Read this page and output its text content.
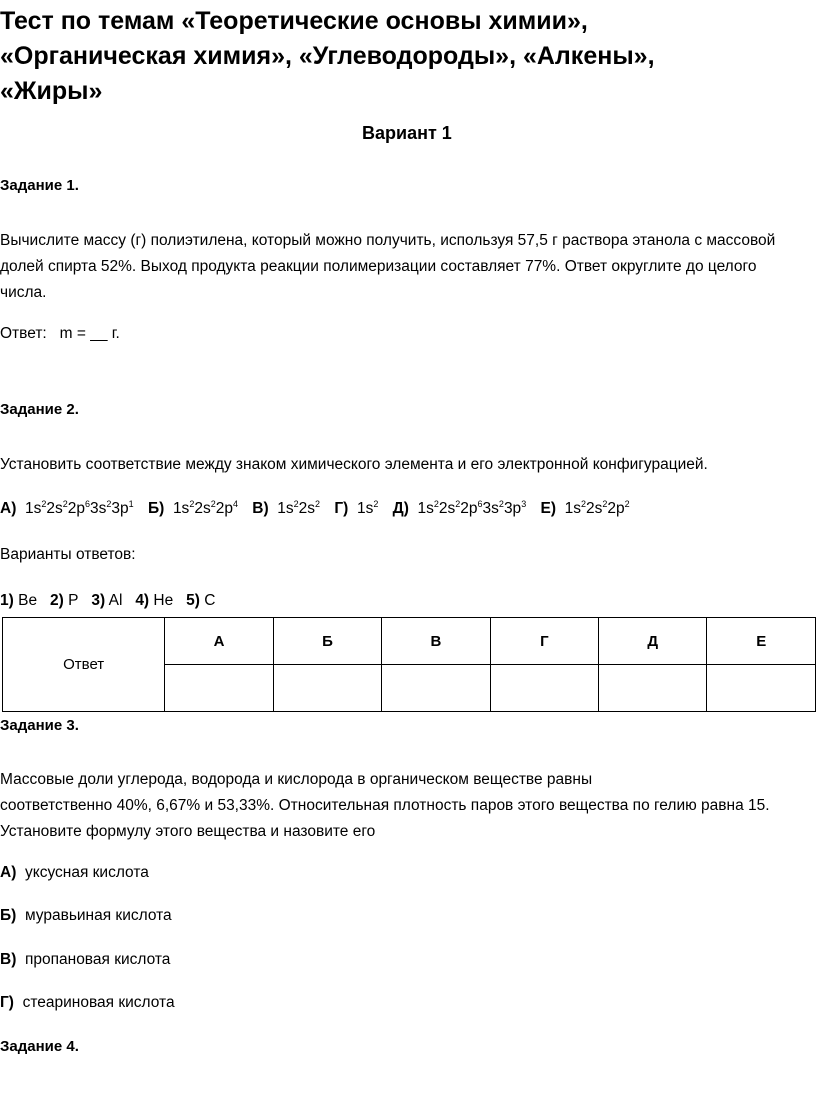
Тест по темам «Теоретические основы химии»,
«Органическая химия», «Углеводороды», «Алкены»,
«Жиры»
Вариант 1
Задание 1.
Вычислите массу (г) полиэтилена, который можно получить, используя 57,5 г раствора этанола с массовой
долей спирта 52%. Выход продукта реакции полимеризации составляет 77%. Ответ округлите до целого
числа.
Ответ:   m = __ г.
Задание 2.
Установить соответствие между знаком химического элемента и его электронной конфигурацией.
А) $1s^22s^22p^63s^23p^1$ Б) $1s^22s^22p^4$ В) $1s^22s^2$ Г) $1s^2$ Д) $1s^22s^22p^63s^23p^3$ Е) $1s^22s^22p^2$
Варианты ответов:
1) Be 2) P 3) Al 4) He 5) C
Ответ	А	Б	В	Г	Д	Е

Задание 3.
Массовые доли углерода, водорода и кислорода в органическом веществе равны
соответственно 40%, 6,67% и 53,33%. Относительная плотность паров этого вещества по гелию равна 15.
Установите формулу этого вещества и назовите его
А) уксусная кислота
Б) муравьиная кислота
В) пропановая кислота
Г) стеариновая кислота
Задание 4.
